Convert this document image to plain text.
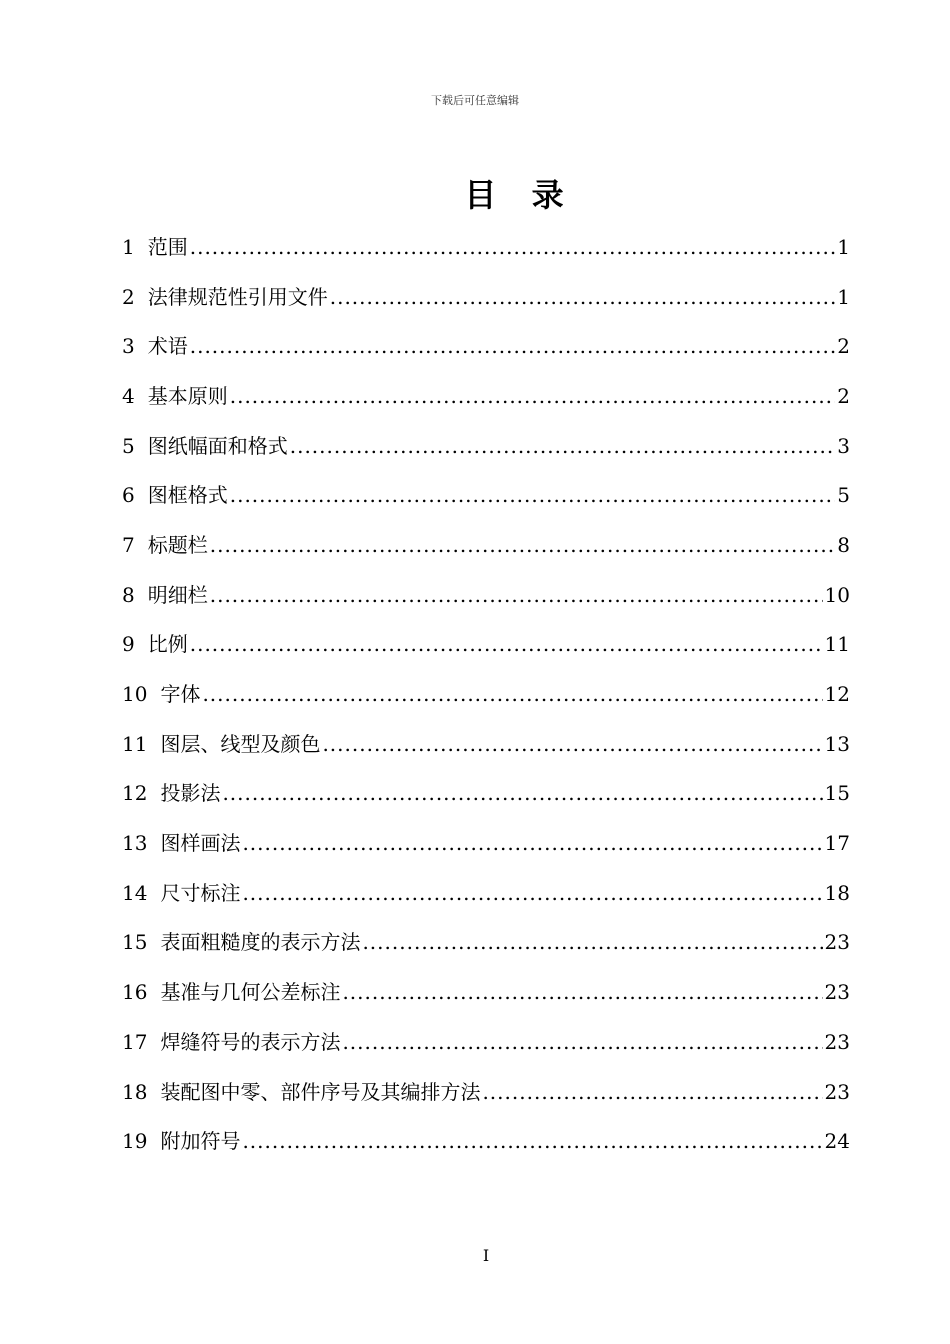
下载后可任意编辑
目 录
1 范围 .....	1
2 法律规范性引用文件 .....	1
3 术语 .....	2
4 基本原则 .....	2
5 图纸幅面和格式 .....	3
6 图框格式 .....	5
7 标题栏 .....	8
8 明细栏 .....	10
9 比例 .....	11
10 字体 .....	12
11 图层、线型及颜色 .....	13
12 投影法 .....	15
13 图样画法 .....	17
14 尺寸标注 .....	18
15 表面粗糙度的表示方法 .....	23
16 基准与几何公差标注 .....	23
17 焊缝符号的表示方法 .....	23
18 装配图中零、部件序号及其编排方法 .....	23
19 附加符号 .....	24
I
